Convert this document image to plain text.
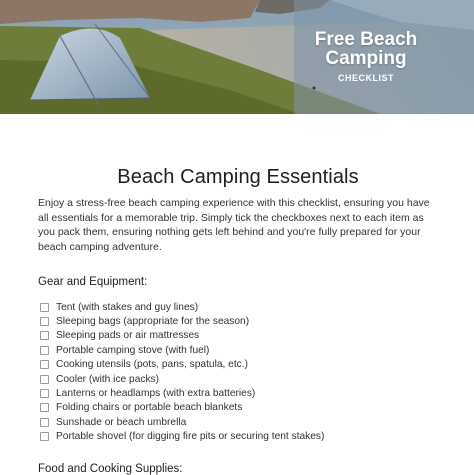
Free Beach
Camping
CHECKLIST
Beach Camping Essentials

Enjoy a stress-free beach camping experience with this checklist, ensuring you have all essentials for a memorable trip. Simply tick the checkboxes next to each item as you pack them, ensuring nothing gets left behind and you're fully prepared for your beach camping adventure.

Gear and Equipment:
Tent (with stakes and guy lines)
Sleeping bags (appropriate for the season)
Sleeping pads or air mattresses
Portable camping stove (with fuel)
Cooking utensils (pots, pans, spatula, etc.)
Cooler (with ice packs)
Lanterns or headlamps (with extra batteries)
Folding chairs or portable beach blankets
Sunshade or beach umbrella
Portable shovel (for digging fire pits or securing tent stakes)
Food and Cooking Supplies:
